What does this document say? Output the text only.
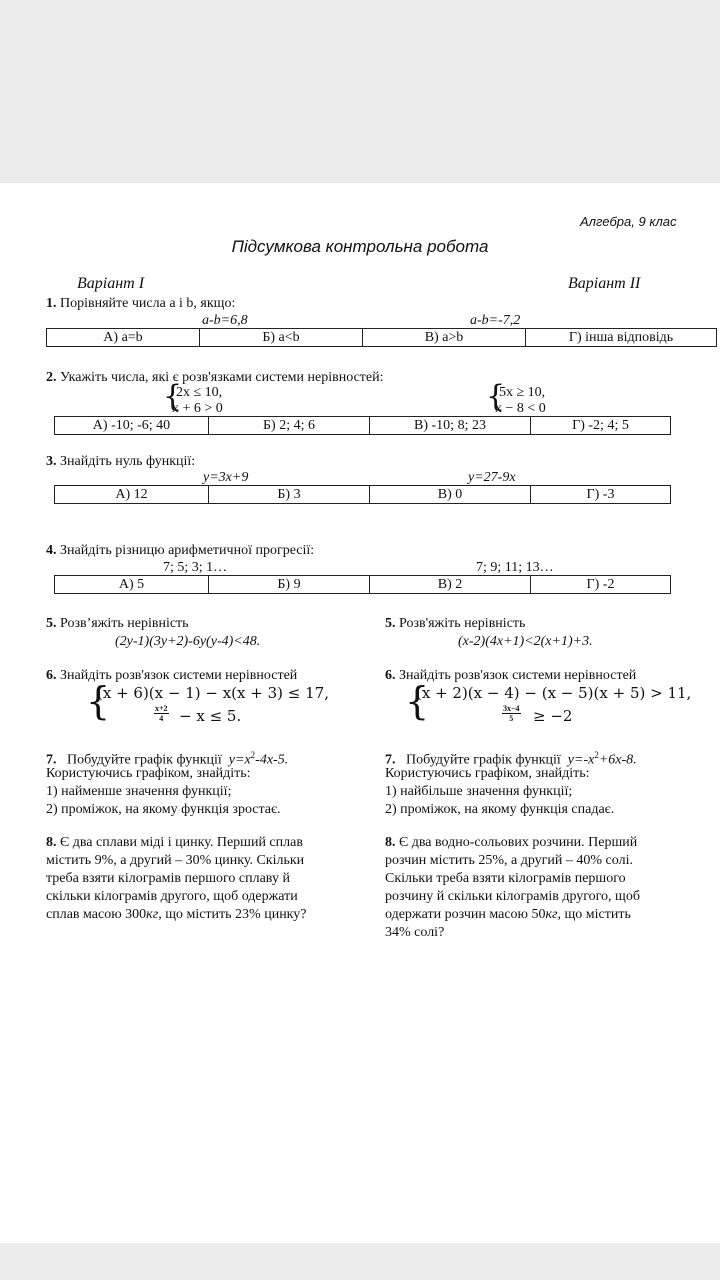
Алгебра, 9 клас
Підсумкова контрольна робота
Варіант І	Варіант ІІ
1. Порівняйте числа а і b, якщо:
a-b=6,8	a-b=-7,2
А) a=b	Б) a<b	В) a>b	Г) інша відповідь
2. Укажіть числа, які є розв'язками системи нерівностей:
{
2x ≤ 10,
x + 6 > 0	{
5x ≥ 10,
x − 8 < 0
А) -10; -6; 40	Б) 2; 4; 6	В) -10; 8; 23	Г) -2; 4; 5
3. Знайдіть нуль функції:
y=3x+9	y=27-9x
А) 12	Б) 3	В) 0	Г) -3
4. Знайдіть різницю арифметичної прогресії:
7; 5; 3; 1…	7; 9; 11; 13…
А) 5	Б) 9	В) 2	Г) -2
5. Розв’яжіть нерівність
(2y-1)(3y+2)-6y(y-4)<48.
5. Розв'яжіть нерівність
(x-2)(4x+1)<2(x+1)+3.
6. Знайдіть розв'язок системи нерівностей
{
(x + 6)(x − 1) − x(x + 3) ≤ 17,
$\frac{x+2}{4} - x \le 5$.
6. Знайдіть розв'язок системи нерівностей
{
(x + 2)(x − 4) − (x − 5)(x + 5) > 11,
$\frac{3x-4}{5} \ge -2$
7. Побудуйте графік функції $y=x^2-4x-5$.
Користуючись графіком, знайдіть:
1) найменше значення функції;
2) проміжок, на якому функція зростає.
7. Побудуйте графік функції $y=-x^2+6x-8$.
Користуючись графіком, знайдіть:
1) найбільше значення функції;
2) проміжок, на якому функція спадає.
8. Є два сплави міді і цинку. Перший сплав
містить 9%, а другий – 30% цинку. Скільки
треба взяти кілограмів першого сплаву й
скільки кілограмів другого, щоб одержати
сплав масою 300кг, що містить 23% цинку?
8. Є два водно-сольових розчини. Перший
розчин містить 25%, а другий – 40% солі.
Скільки треба взяти кілограмів першого
розчину й скільки кілограмів другого, щоб
одержати розчин масою 50кг, що містить
34% солі?
